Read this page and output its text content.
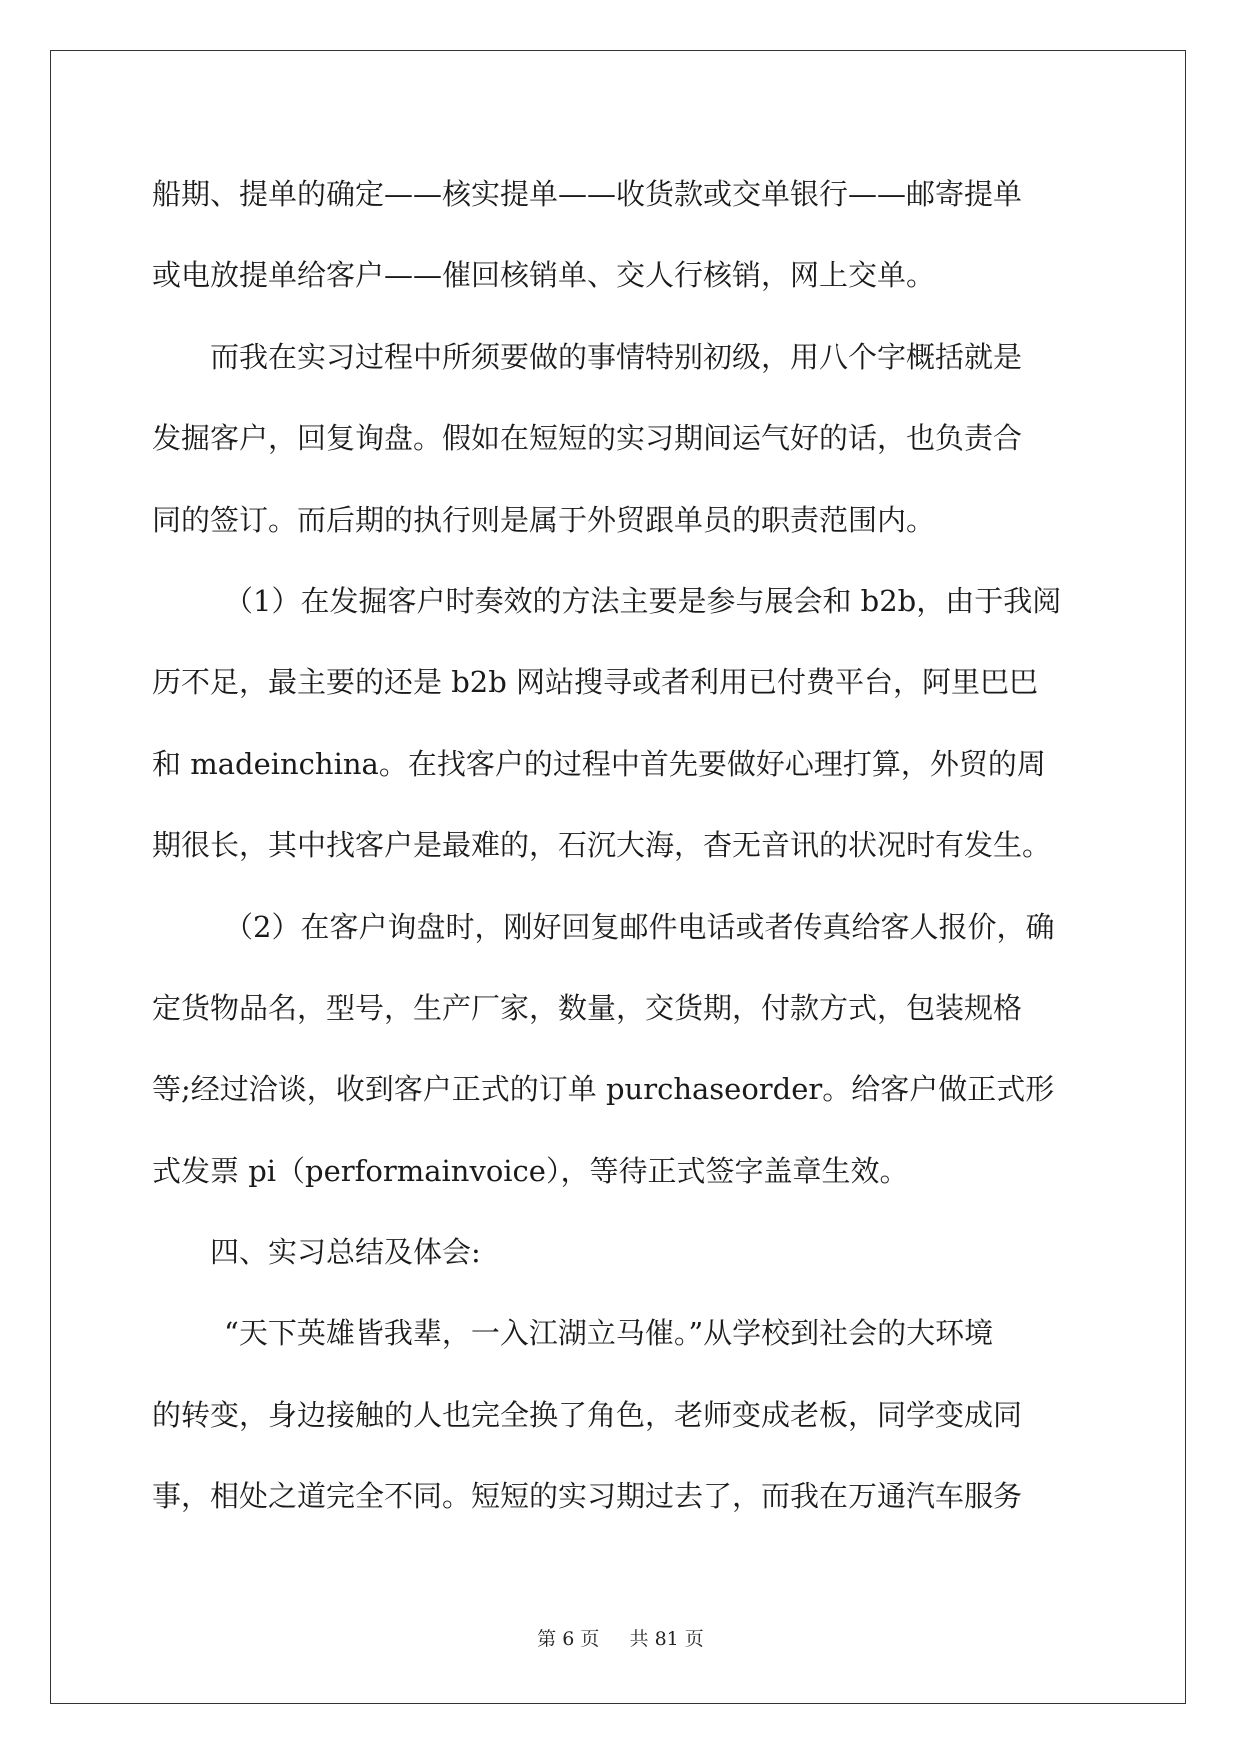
船期、提单的确定——核实提单——收货款或交单银行——邮寄提单

或电放提单给客户——催回核销单、交人行核销，网上交单。

而我在实习过程中所须要做的事情特别初级，用八个字概括就是

发掘客户，回复询盘。假如在短短的实习期间运气好的话，也负责合

同的签订。而后期的执行则是属于外贸跟单员的职责范围内。

（1）在发掘客户时奏效的方法主要是参与展会和 b2b，由于我阅

历不足，最主要的还是 b2b 网站搜寻或者利用已付费平台，阿里巴巴

和 madeinchina。在找客户的过程中首先要做好心理打算，外贸的周

期很长，其中找客户是最难的，石沉大海，杳无音讯的状况时有发生。

（2）在客户询盘时，刚好回复邮件电话或者传真给客人报价，确

定货物品名，型号，生产厂家，数量，交货期，付款方式，包装规格

等;经过洽谈，收到客户正式的订单 purchaseorder。给客户做正式形

式发票 pi（performainvoice），等待正式签字盖章生效。

四、实习总结及体会:

“天下英雄皆我辈，一入江湖立马催。”从学校到社会的大环境

的转变，身边接触的人也完全换了角色，老师变成老板，同学变成同

事，相处之道完全不同。短短的实习期过去了，而我在万通汽车服务

第 6 页 共 81 页
